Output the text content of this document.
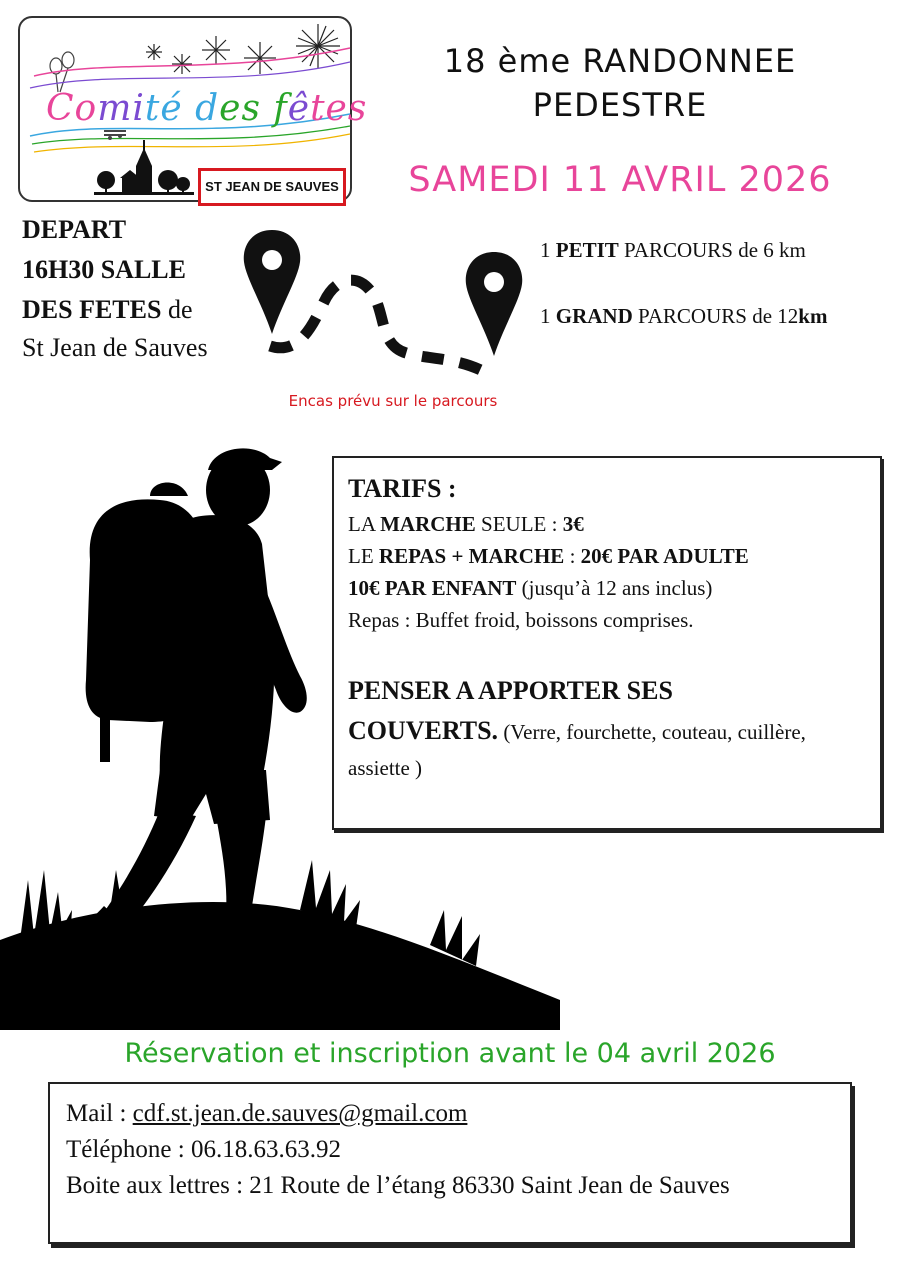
Comité des fêtes
ST JEAN DE SAUVES
18 ème RANDONNEE
PEDESTRE
SAMEDI 11 AVRIL 2026
DEPART
16H30 SALLE
DES FETES de
St Jean de Sauves
1 PETIT PARCOURS de 6 km
1 GRAND PARCOURS de 12km
Encas prévu sur le parcours
TARIFS :
LA MARCHE SEULE : 3€
LE REPAS + MARCHE : 20€ PAR ADULTE
10€ PAR ENFANT (jusqu’à 12 ans inclus)
Repas : Buffet froid, boissons comprises.
PENSER A APPORTER SES
COUVERTS. (Verre, fourchette, couteau, cuillère,
assiette )
Réservation et inscription avant le 04 avril 2026
Mail : cdf.st.jean.de.sauves@gmail.com
Téléphone : 06.18.63.63.92
Boite aux lettres : 21 Route de l’étang 86330 Saint Jean de Sauves
